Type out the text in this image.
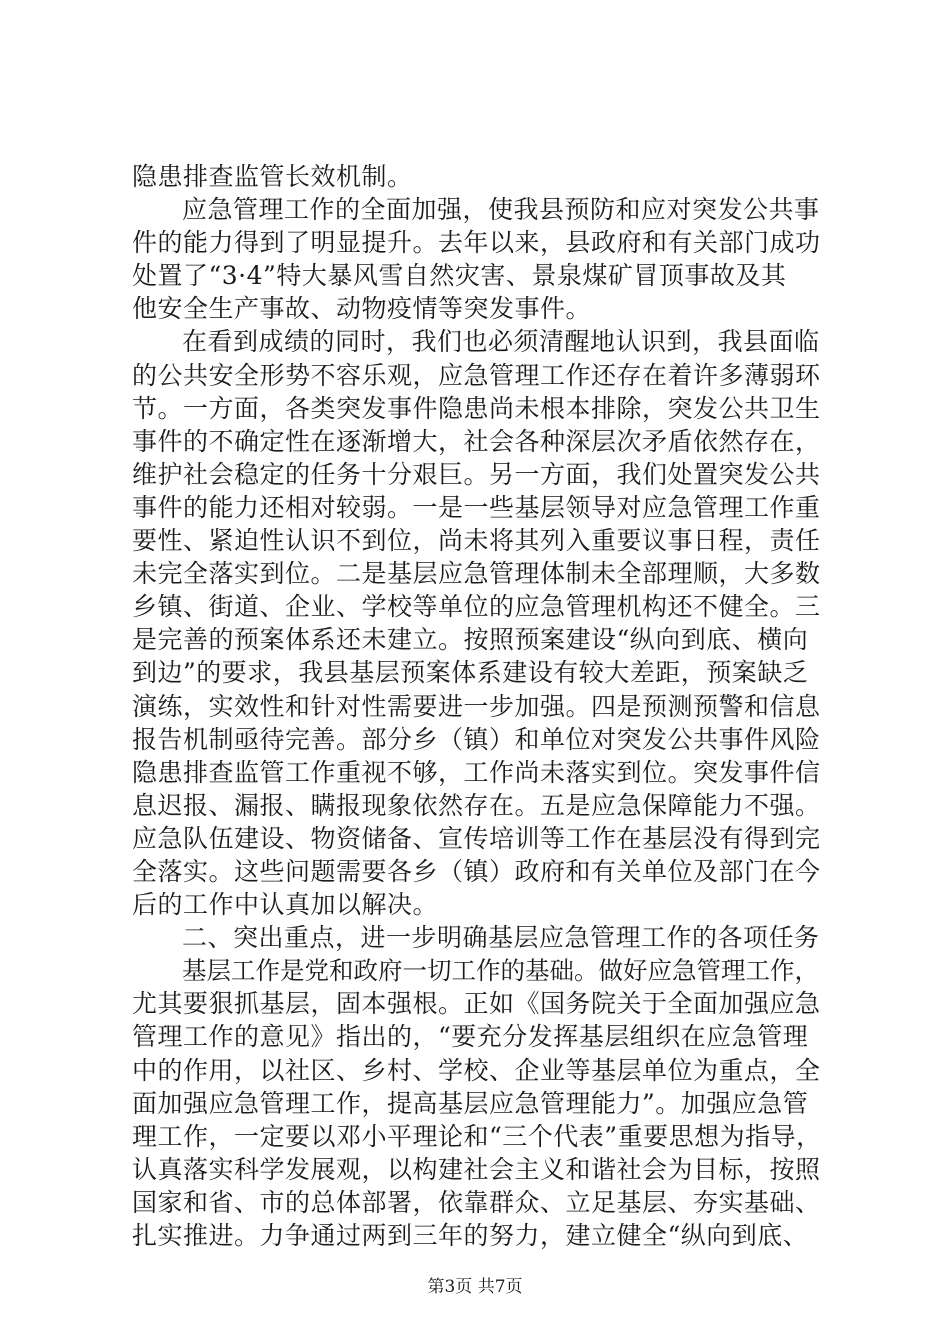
隐患排查监管长效机制。
应急管理工作的全面加强，使我县预防和应对突发公共事
件的能力得到了明显提升。去年以来，县政府和有关部门成功
处置了“3·4”特大暴风雪自然灾害、景泉煤矿冒顶事故及其
他安全生产事故、动物疫情等突发事件。
在看到成绩的同时，我们也必须清醒地认识到，我县面临
的公共安全形势不容乐观，应急管理工作还存在着许多薄弱环
节。一方面，各类突发事件隐患尚未根本排除，突发公共卫生
事件的不确定性在逐渐增大，社会各种深层次矛盾依然存在，
维护社会稳定的任务十分艰巨。另一方面，我们处置突发公共
事件的能力还相对较弱。一是一些基层领导对应急管理工作重
要性、紧迫性认识不到位，尚未将其列入重要议事日程，责任
未完全落实到位。二是基层应急管理体制未全部理顺，大多数
乡镇、街道、企业、学校等单位的应急管理机构还不健全。三
是完善的预案体系还未建立。按照预案建设“纵向到底、横向
到边”的要求，我县基层预案体系建设有较大差距，预案缺乏
演练，实效性和针对性需要进一步加强。四是预测预警和信息
报告机制亟待完善。部分乡（镇）和单位对突发公共事件风险
隐患排查监管工作重视不够，工作尚未落实到位。突发事件信
息迟报、漏报、瞒报现象依然存在。五是应急保障能力不强。
应急队伍建设、物资储备、宣传培训等工作在基层没有得到完
全落实。这些问题需要各乡（镇）政府和有关单位及部门在今
后的工作中认真加以解决。
二、突出重点，进一步明确基层应急管理工作的各项任务
基层工作是党和政府一切工作的基础。做好应急管理工作，
尤其要狠抓基层，固本强根。正如《国务院关于全面加强应急
管理工作的意见》指出的，“要充分发挥基层组织在应急管理
中的作用，以社区、乡村、学校、企业等基层单位为重点，全
面加强应急管理工作，提高基层应急管理能力”。加强应急管
理工作，一定要以邓小平理论和“三个代表”重要思想为指导，
认真落实科学发展观，以构建社会主义和谐社会为目标，按照
国家和省、市的总体部署，依靠群众、立足基层、夯实基础、
扎实推进。力争通过两到三年的努力，建立健全“纵向到底、
第3页 共7页
